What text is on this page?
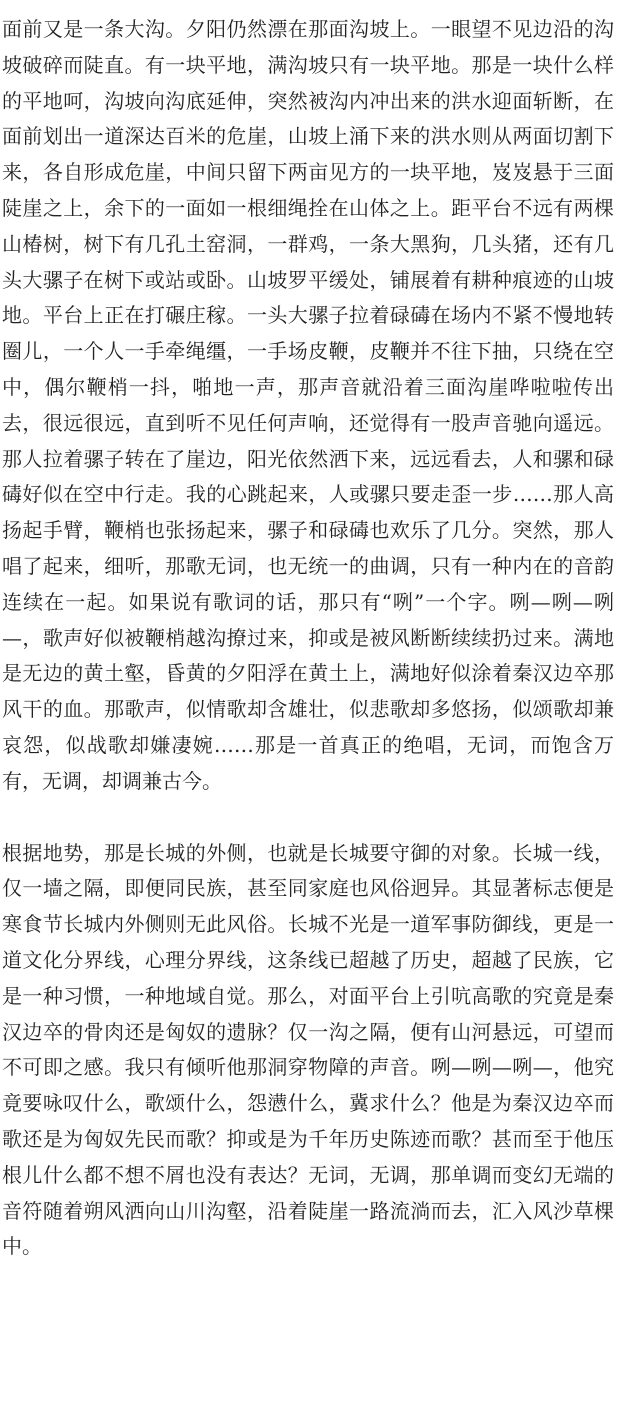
面前又是一条大沟。夕阳仍然漂在那面沟坡上。一眼望不见边沿的沟坡破碎而陡直。有一块平地，满沟坡只有一块平地。那是一块什么样的平地呵，沟坡向沟底延伸，突然被沟内冲出来的洪水迎面斩断，在面前划出一道深达百米的危崖，山坡上涌下来的洪水则从两面切割下来，各自形成危崖，中间只留下两亩见方的一块平地，岌岌悬于三面陡崖之上，余下的一面如一根细绳拴在山体之上。距平台不远有两棵山椿树，树下有几孔土窑洞，一群鸡，一条大黑狗，几头猪，还有几头大骡子在树下或站或卧。山坡罗平缓处，铺展着有耕种痕迹的山坡地。平台上正在打碾庄稼。一头大骡子拉着碌碡在场内不紧不慢地转圈儿，一个人一手牵绳缰，一手场皮鞭，皮鞭并不往下抽，只绕在空中，偶尔鞭梢一抖，啪地一声，那声音就沿着三面沟崖哗啦啦传出去，很远很远，直到听不见任何声响，还觉得有一股声音驰向遥远。那人拉着骡子转在了崖边，阳光依然洒下来，远远看去，人和骡和碌碡好似在空中行走。我的心跳起来，人或骡只要走歪一步……那人高扬起手臂，鞭梢也张扬起来，骡子和碌碡也欢乐了几分。突然，那人唱了起来，细听，那歌无词，也无统一的曲调，只有一种内在的音韵连续在一起。如果说有歌词的话，那只有“咧”一个字。咧—咧—咧—，歌声好似被鞭梢越沟撩过来，抑或是被风断断续续扔过来。满地是无边的黄土壑，昏黄的夕阳浮在黄土上，满地好似涂着秦汉边卒那风干的血。那歌声，似情歌却含雄壮，似悲歌却多悠扬，似颂歌却兼哀怨，似战歌却嫌凄婉……那是一首真正的绝唱，无词，而饱含万有，无调，却调兼古今。

根据地势，那是长城的外侧，也就是长城要守御的对象。长城一线，仅一墙之隔，即便同民族，甚至同家庭也风俗迥异。其显著标志便是寒食节长城内外侧则无此风俗。长城不光是一道军事防御线，更是一道文化分界线，心理分界线，这条线已超越了历史，超越了民族，它是一种习惯，一种地域自觉。那么，对面平台上引吭高歌的究竟是秦汉边卒的骨肉还是匈奴的遗脉？仅一沟之隔，便有山河悬远，可望而不可即之感。我只有倾听他那洞穿物障的声音。咧—咧—咧—，他究竟要咏叹什么，歌颂什么，怨懑什么，冀求什么？他是为秦汉边卒而歌还是为匈奴先民而歌？抑或是为千年历史陈迹而歌？甚而至于他压根儿什么都不想不屑也没有表达？无词，无调，那单调而变幻无端的音符随着朔风洒向山川沟壑，沿着陡崖一路流淌而去，汇入风沙草棵中。
